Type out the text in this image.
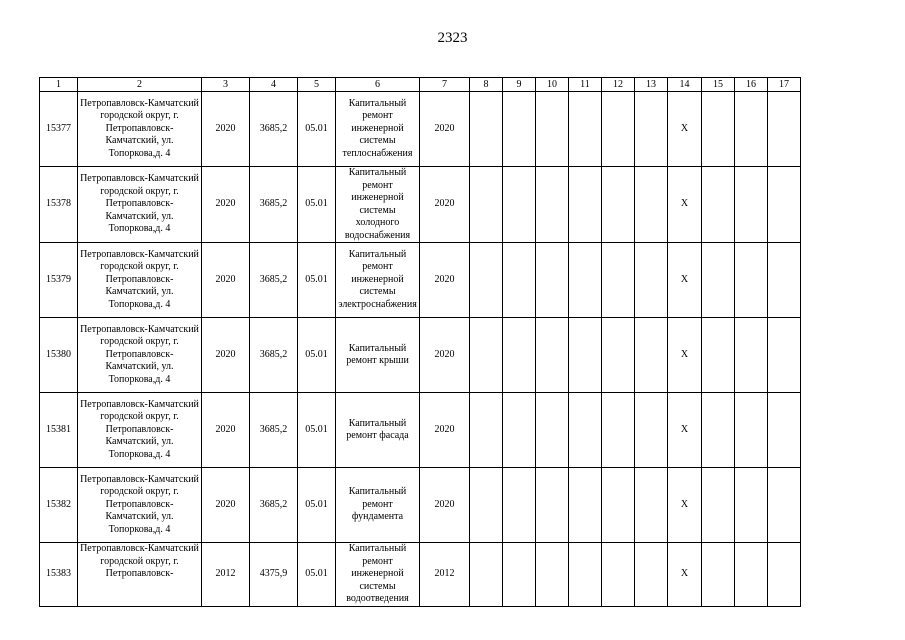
2323
1	2	3	4	5	6	7	8	9	10	11	12	13	14	15	16	17
15377	Петропавловск-Камчатский городской округ, г. Петропавловск-Камчатский, ул. Топоркова,д. 4	2020	3685,2	05.01	Капитальный ремонт инженерной системы теплоснабжения	2020							X			
15378	Петропавловск-Камчатский городской округ, г. Петропавловск-Камчатский, ул. Топоркова,д. 4	2020	3685,2	05.01	Капитальный ремонт инженерной системы холодного водоснабжения	2020							X			
15379	Петропавловск-Камчатский городской округ, г. Петропавловск-Камчатский, ул. Топоркова,д. 4	2020	3685,2	05.01	Капитальный ремонт инженерной системы электроснабжения	2020							X			
15380	Петропавловск-Камчатский городской округ, г. Петропавловск-Камчатский, ул. Топоркова,д. 4	2020	3685,2	05.01	Капитальный ремонт крыши	2020							X			
15381	Петропавловск-Камчатский городской округ, г. Петропавловск-Камчатский, ул. Топоркова,д. 4	2020	3685,2	05.01	Капитальный ремонт фасада	2020							X			
15382	Петропавловск-Камчатский городской округ, г. Петропавловск-Камчатский, ул. Топоркова,д. 4	2020	3685,2	05.01	Капитальный ремонт фундамента	2020							X			
15383	Петропавловск-Камчатский городской округ, г. Петропавловск-	2012	4375,9	05.01	Капитальный ремонт инженерной системы водоотведения	2012							X			
